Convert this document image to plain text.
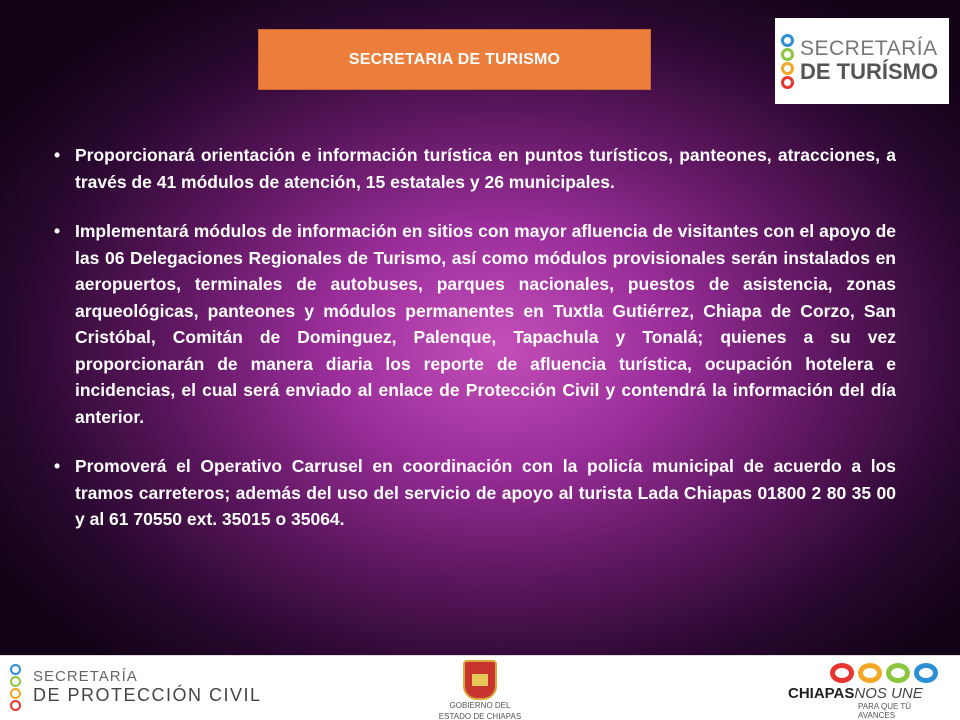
SECRETARIA DE TURISMO	SECRETARÍA
DE TURÍSMO
• Proporcionará orientación e información turística en puntos turísticos, panteones, atracciones, a través de 41 módulos de atención, 15 estatales y 26 municipales.
• Implementará módulos de información en sitios con mayor afluencia de visitantes con el apoyo de las 06 Delegaciones Regionales de Turismo, así como módulos provisionales serán instalados en aeropuertos, terminales de autobuses, parques nacionales, puestos de asistencia, zonas arqueológicas, panteones y módulos permanentes en Tuxtla Gutiérrez, Chiapa de Corzo, San Cristóbal, Comitán de Dominguez, Palenque, Tapachula y Tonalá; quienes a su vez proporcionarán de manera diaria los reporte de afluencia turística, ocupación hotelera e incidencias, el cual será enviado al enlace de Protección Civil y contendrá la información del día anterior.
• Promoverá el Operativo Carrusel en coordinación con la policía municipal de acuerdo a los tramos carreteros; además del uso del servicio de apoyo al turista Lada Chiapas 01800 2 80 35 00 y al 61 70550 ext. 35015 o 35064.
SECRETARÍA
DE PROTECCIÓN CIVIL
GOBIERNO DEL
ESTADO DE CHIAPAS
CHIAPASNOS UNE
PARA QUE TÚ AVANCES
